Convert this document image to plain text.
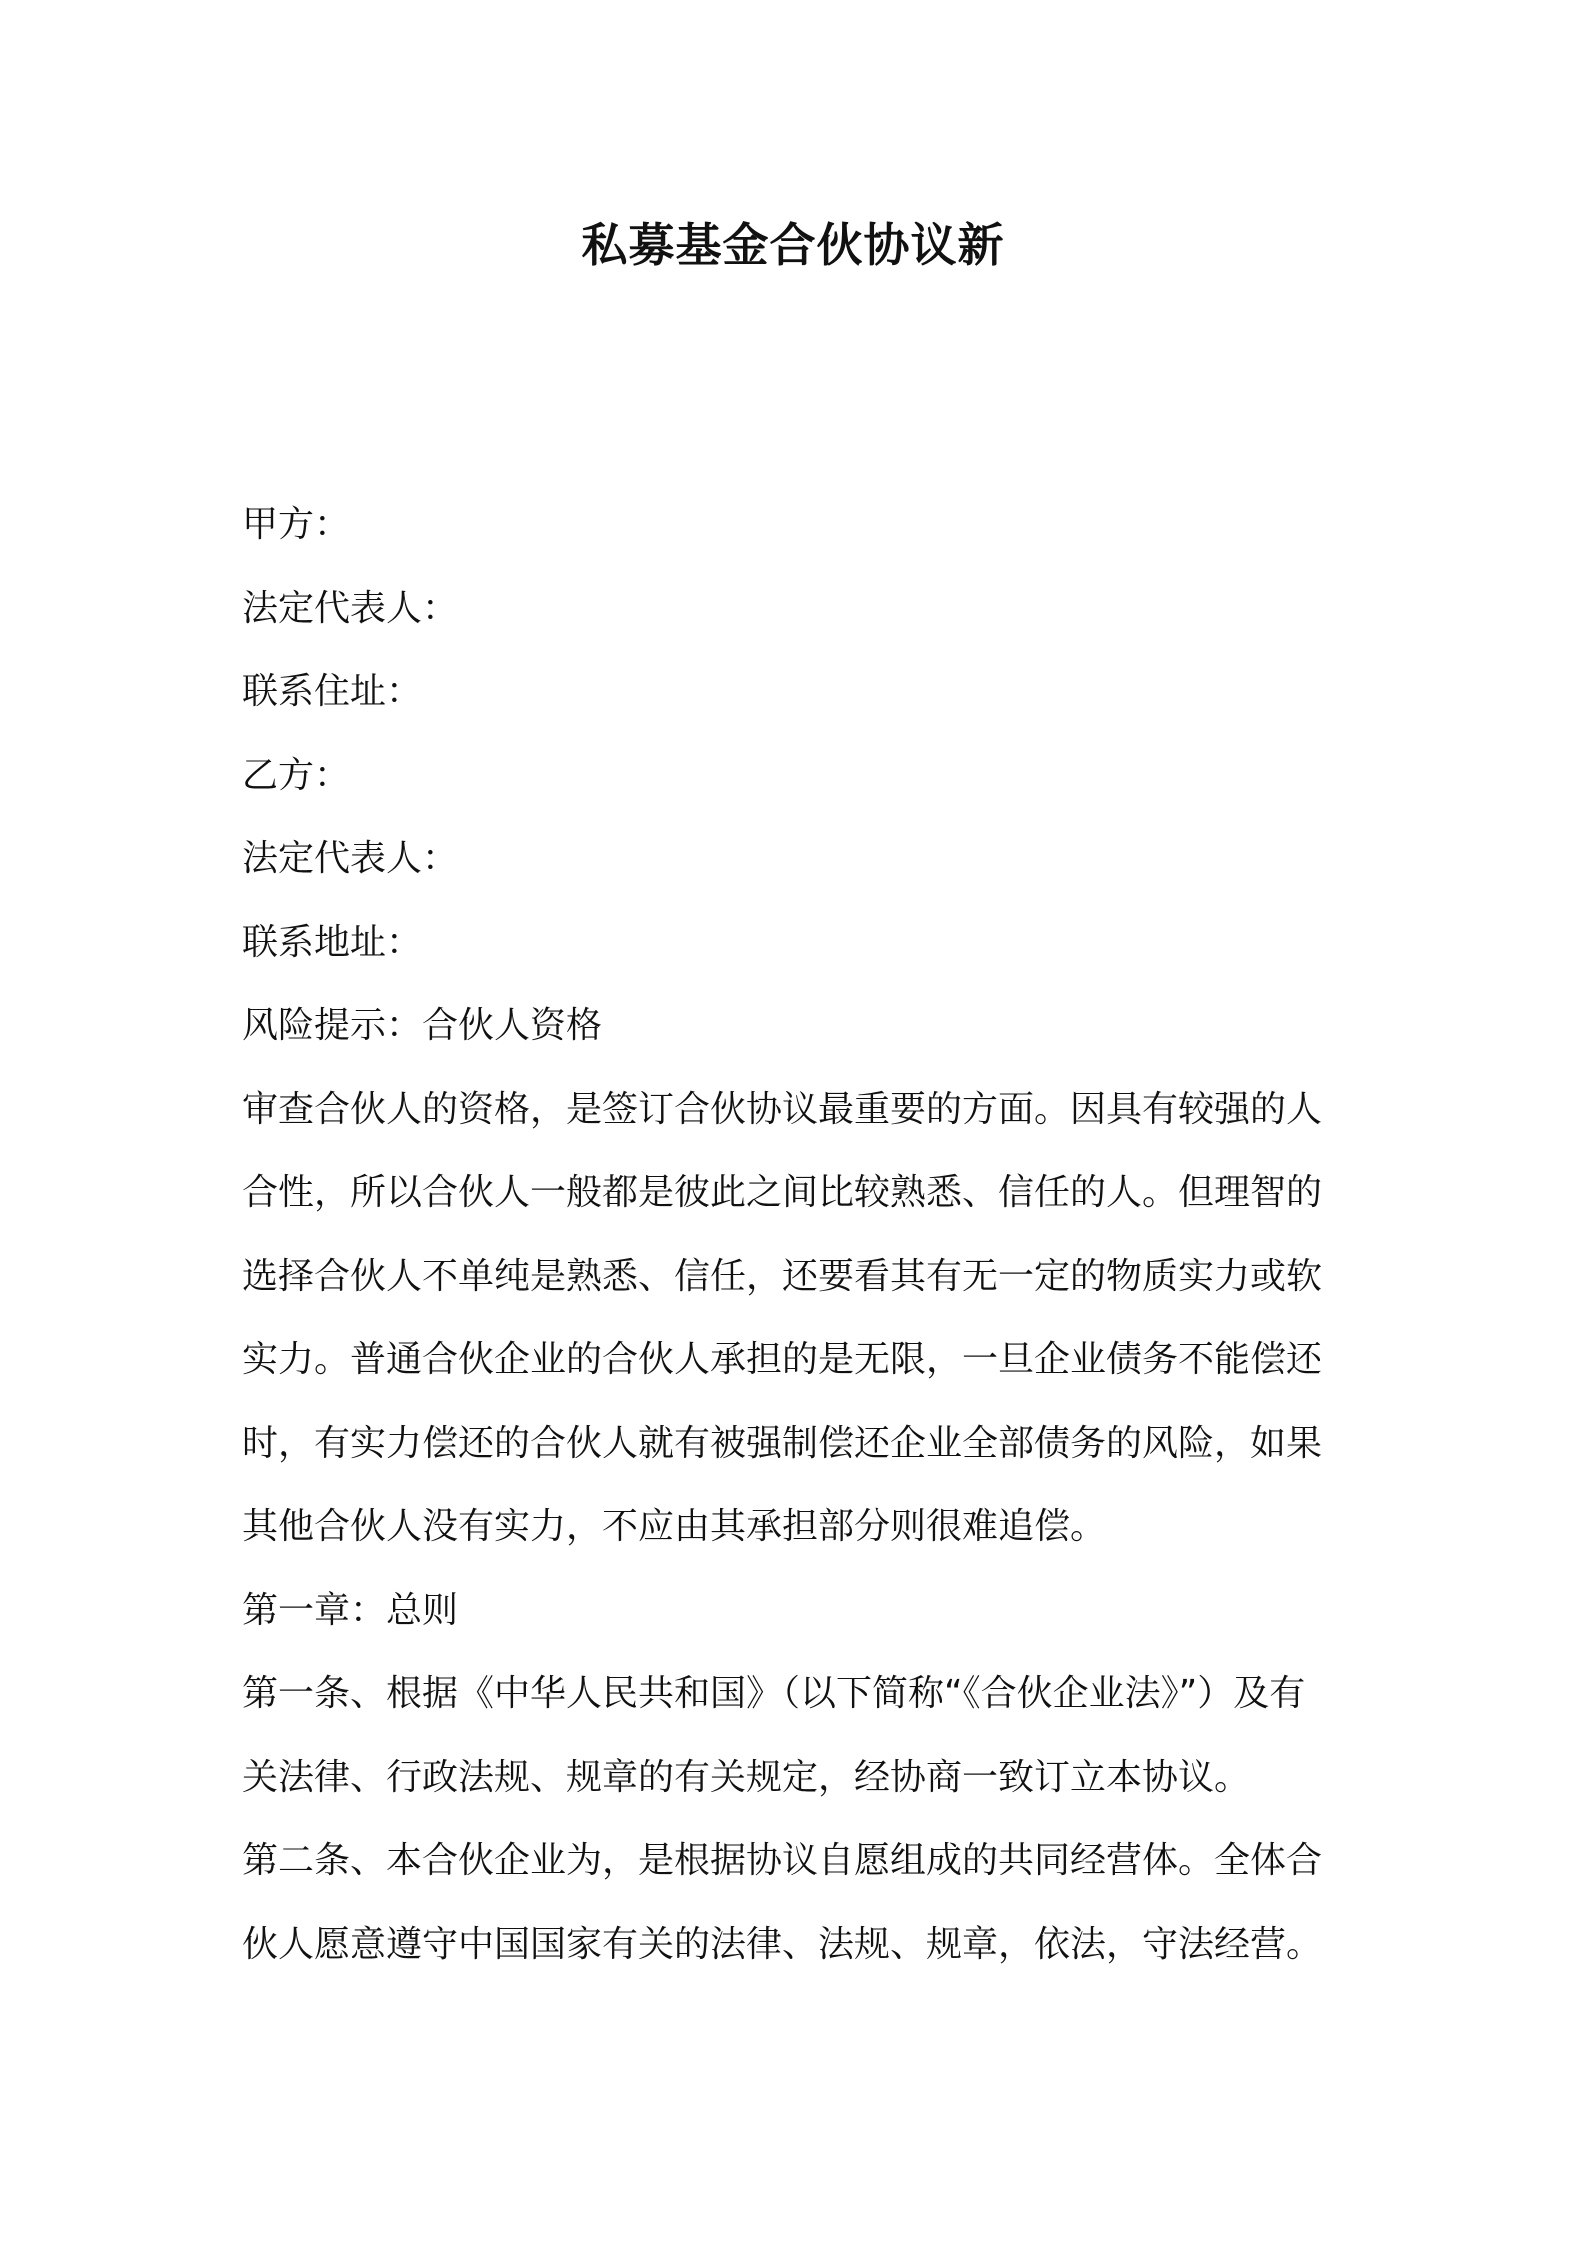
私募基金合伙协议新
甲方：
法定代表人：
联系住址：
乙方：
法定代表人：
联系地址：
风险提示：合伙人资格
审查合伙人的资格，是签订合伙协议最重要的方面。因具有较强的人
合性，所以合伙人一般都是彼此之间比较熟悉、信任的人。但理智的
选择合伙人不单纯是熟悉、信任，还要看其有无一定的物质实力或软
实力。普通合伙企业的合伙人承担的是无限，一旦企业债务不能偿还
时，有实力偿还的合伙人就有被强制偿还企业全部债务的风险，如果
其他合伙人没有实力，不应由其承担部分则很难追偿。
第一章：总则
第一条、根据《中华人民共和国》（以下简称“《合伙企业法》”）及有
关法律、行政法规、规章的有关规定，经协商一致订立本协议。
第二条、本合伙企业为，是根据协议自愿组成的共同经营体。全体合
伙人愿意遵守中国国家有关的法律、法规、规章，依法，守法经营。
